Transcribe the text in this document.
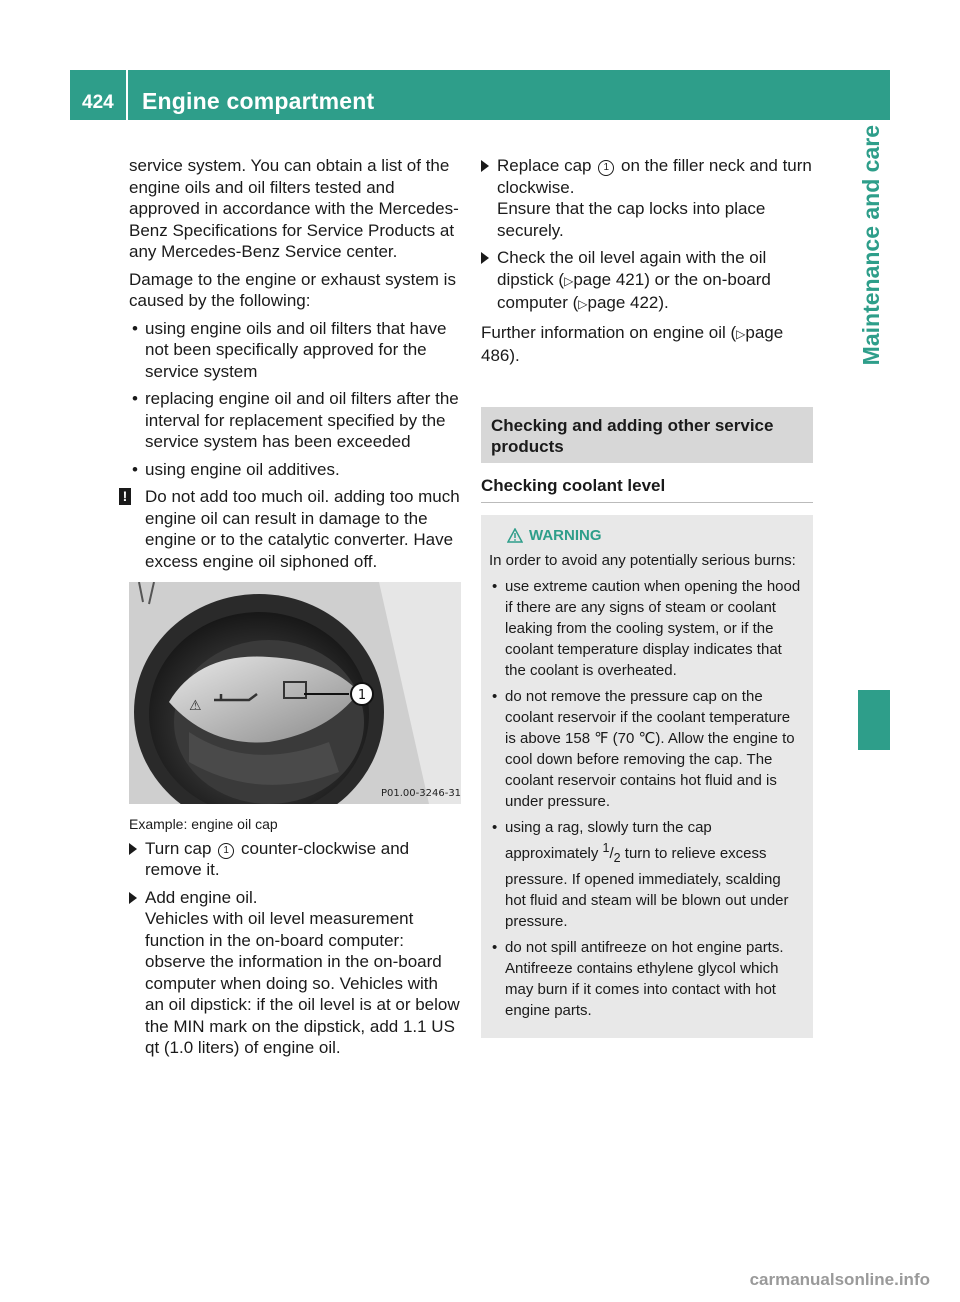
424 Engine compartment
Maintenance and care

service system. You can obtain a list of the engine oils and oil filters tested and approved in accordance with the Mercedes-Benz Specifications for Service Products at any Mercedes-Benz Service center.

Damage to the engine or exhaust system is caused by the following:

• using engine oils and oil filters that have not been specifically approved for the service system
• replacing engine oil and oil filters after the interval for replacement specified by the service system has been exceeded
• using engine oil additives.
! Do not add too much oil. adding too much engine oil can result in damage to the engine or to the catalytic converter. Have excess engine oil siphoned off.
⚠
1
P01.00-3246-31

Example: engine oil cap

Turn cap 1 counter-clockwise and remove it.
Add engine oil.
Vehicles with oil level measurement function in the on-board computer: observe the information in the on-board computer when doing so. Vehicles with an oil dipstick: if the oil level is at or below the MIN mark on the dipstick, add 1.1 US qt (1.0 liters) of engine oil.
Replace cap 1 on the filler neck and turn clockwise.
Ensure that the cap locks into place securely.
Check the oil level again with the oil dipstick (▷page 421) or the on-board computer (▷page 422).

Further information on engine oil (▷page 486).

Checking and adding other service products
Checking coolant level
WARNING

In order to avoid any potentially serious burns:

• use extreme caution when opening the hood if there are any signs of steam or coolant leaking from the cooling system, or if the coolant temperature display indicates that the coolant is overheated.
• do not remove the pressure cap on the coolant reservoir if the coolant temperature is above 158 ℉ (70 ℃). Allow the engine to cool down before removing the cap. The coolant reservoir contains hot fluid and is under pressure.
• using a rag, slowly turn the cap approximately $^1/_2$ turn to relieve excess pressure. If opened immediately, scalding hot fluid and steam will be blown out under pressure.
• do not spill antifreeze on hot engine parts. Antifreeze contains ethylene glycol which may burn if it comes into contact with hot engine parts.
carmanualsonline.info
